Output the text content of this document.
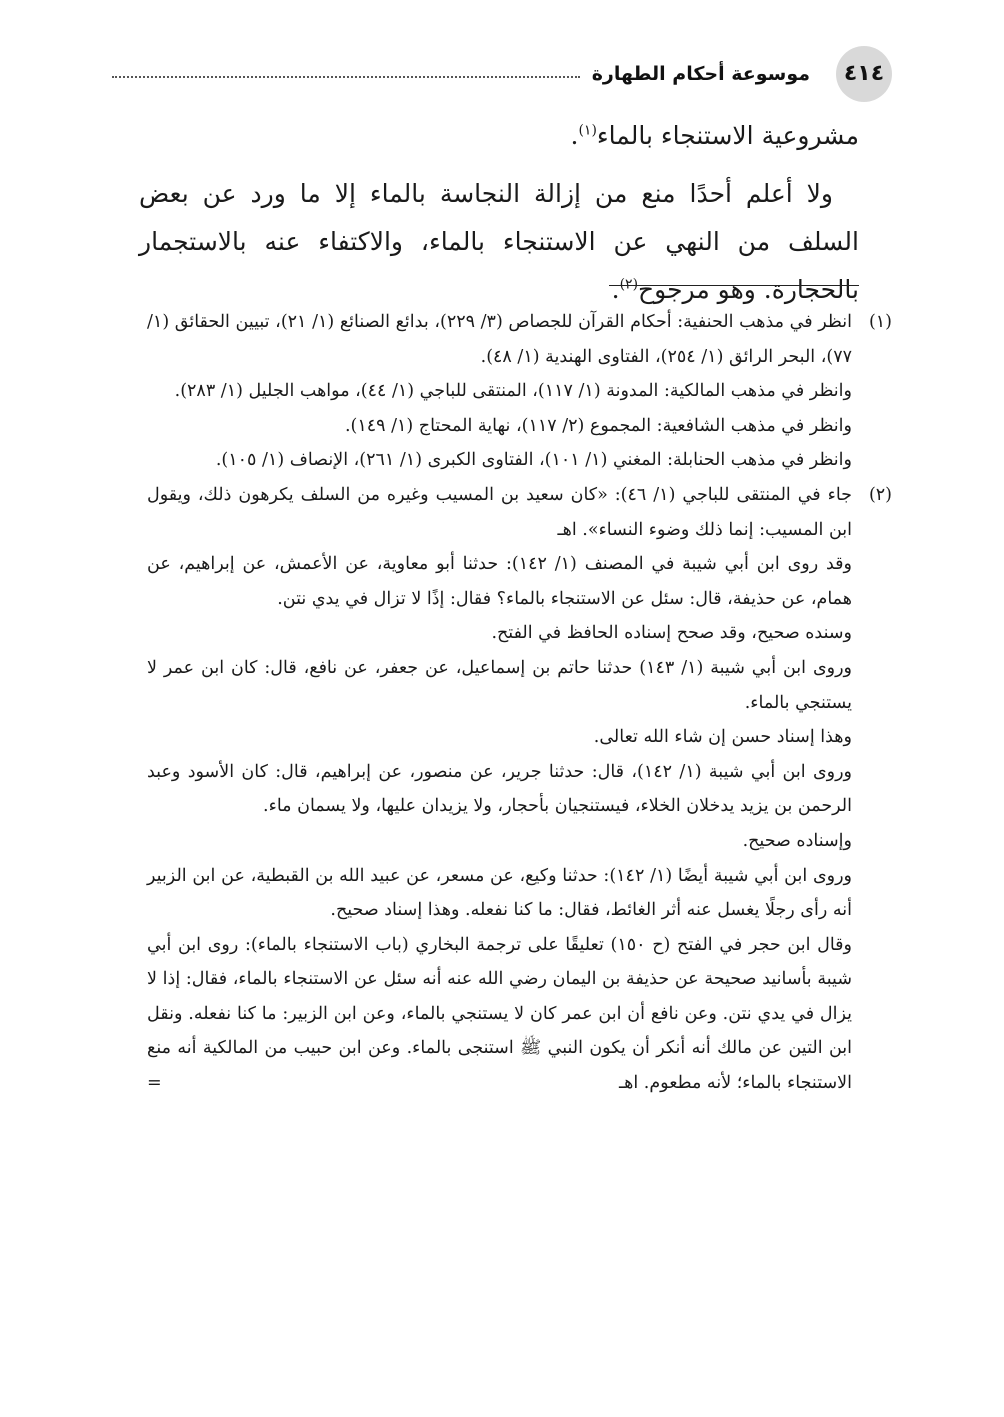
٤١٤
موسوعة أحكام الطهارة

مشروعية الاستنجاء بالماء$^{(١)}$.

ولا أعلم أحدًا منع من إزالة النجاسة بالماء إلا ما ورد عن بعض السلف من النهي عن الاستنجاء بالماء، والاكتفاء عنه بالاستجمار بالحجارة. وهو مرجوح$^{(٢)}$.

(١)

انظر في مذهب الحنفية: أحكام القرآن للجصاص (٣/ ٢٢٩)، بدائع الصنائع (١/ ٢١)، تبيين الحقائق (١/ ٧٧)، البحر الرائق (١/ ٢٥٤)، الفتاوى الهندية (١/ ٤٨).

وانظر في مذهب المالكية: المدونة (١/ ١١٧)، المنتقى للباجي (١/ ٤٤)، مواهب الجليل (١/ ٢٨٣).

وانظر في مذهب الشافعية: المجموع (٢/ ١١٧)، نهاية المحتاج (١/ ١٤٩).

وانظر في مذهب الحنابلة: المغني (١/ ١٠١)، الفتاوى الكبرى (١/ ٢٦١)، الإنصاف (١/ ١٠٥).

(٢)

جاء في المنتقى للباجي (١/ ٤٦): «كان سعيد بن المسيب وغيره من السلف يكرهون ذلك، ويقول ابن المسيب: إنما ذلك وضوء النساء». اهـ

وقد روى ابن أبي شيبة في المصنف (١/ ١٤٢): حدثنا أبو معاوية، عن الأعمش، عن إبراهيم، عن همام، عن حذيفة، قال: سئل عن الاستنجاء بالماء؟ فقال: إذًا لا تزال في يدي نتن.

وسنده صحيح، وقد صحح إسناده الحافظ في الفتح.

وروى ابن أبي شيبة (١/ ١٤٣) حدثنا حاتم بن إسماعيل، عن جعفر، عن نافع، قال: كان ابن عمر لا يستنجي بالماء.

وهذا إسناد حسن إن شاء الله تعالى.

وروى ابن أبي شيبة (١/ ١٤٢)، قال: حدثنا جرير، عن منصور، عن إبراهيم، قال: كان الأسود وعبد الرحمن بن يزيد يدخلان الخلاء، فيستنجيان بأحجار، ولا يزيدان عليها، ولا يسمان ماء.

وإسناده صحيح.

وروى ابن أبي شيبة أيضًا (١/ ١٤٢): حدثنا وكيع، عن مسعر، عن عبيد الله بن القبطية، عن ابن الزبير أنه رأى رجلًا يغسل عنه أثر الغائط، فقال: ما كنا نفعله. وهذا إسناد صحيح.

وقال ابن حجر في الفتح (ح ١٥٠) تعليقًا على ترجمة البخاري (باب الاستنجاء بالماء): روى ابن أبي شيبة بأسانيد صحيحة عن حذيفة بن اليمان رضي الله عنه أنه سئل عن الاستنجاء بالماء، فقال: إذا لا يزال في يدي نتن. وعن نافع أن ابن عمر كان لا يستنجي بالماء، وعن ابن الزبير: ما كنا نفعله. ونقل ابن التين عن مالك أنه أنكر أن يكون النبي ﷺ استنجى بالماء. وعن ابن حبيب من المالكية أنه منع الاستنجاء بالماء؛ لأنه مطعوم. اهـ
=
